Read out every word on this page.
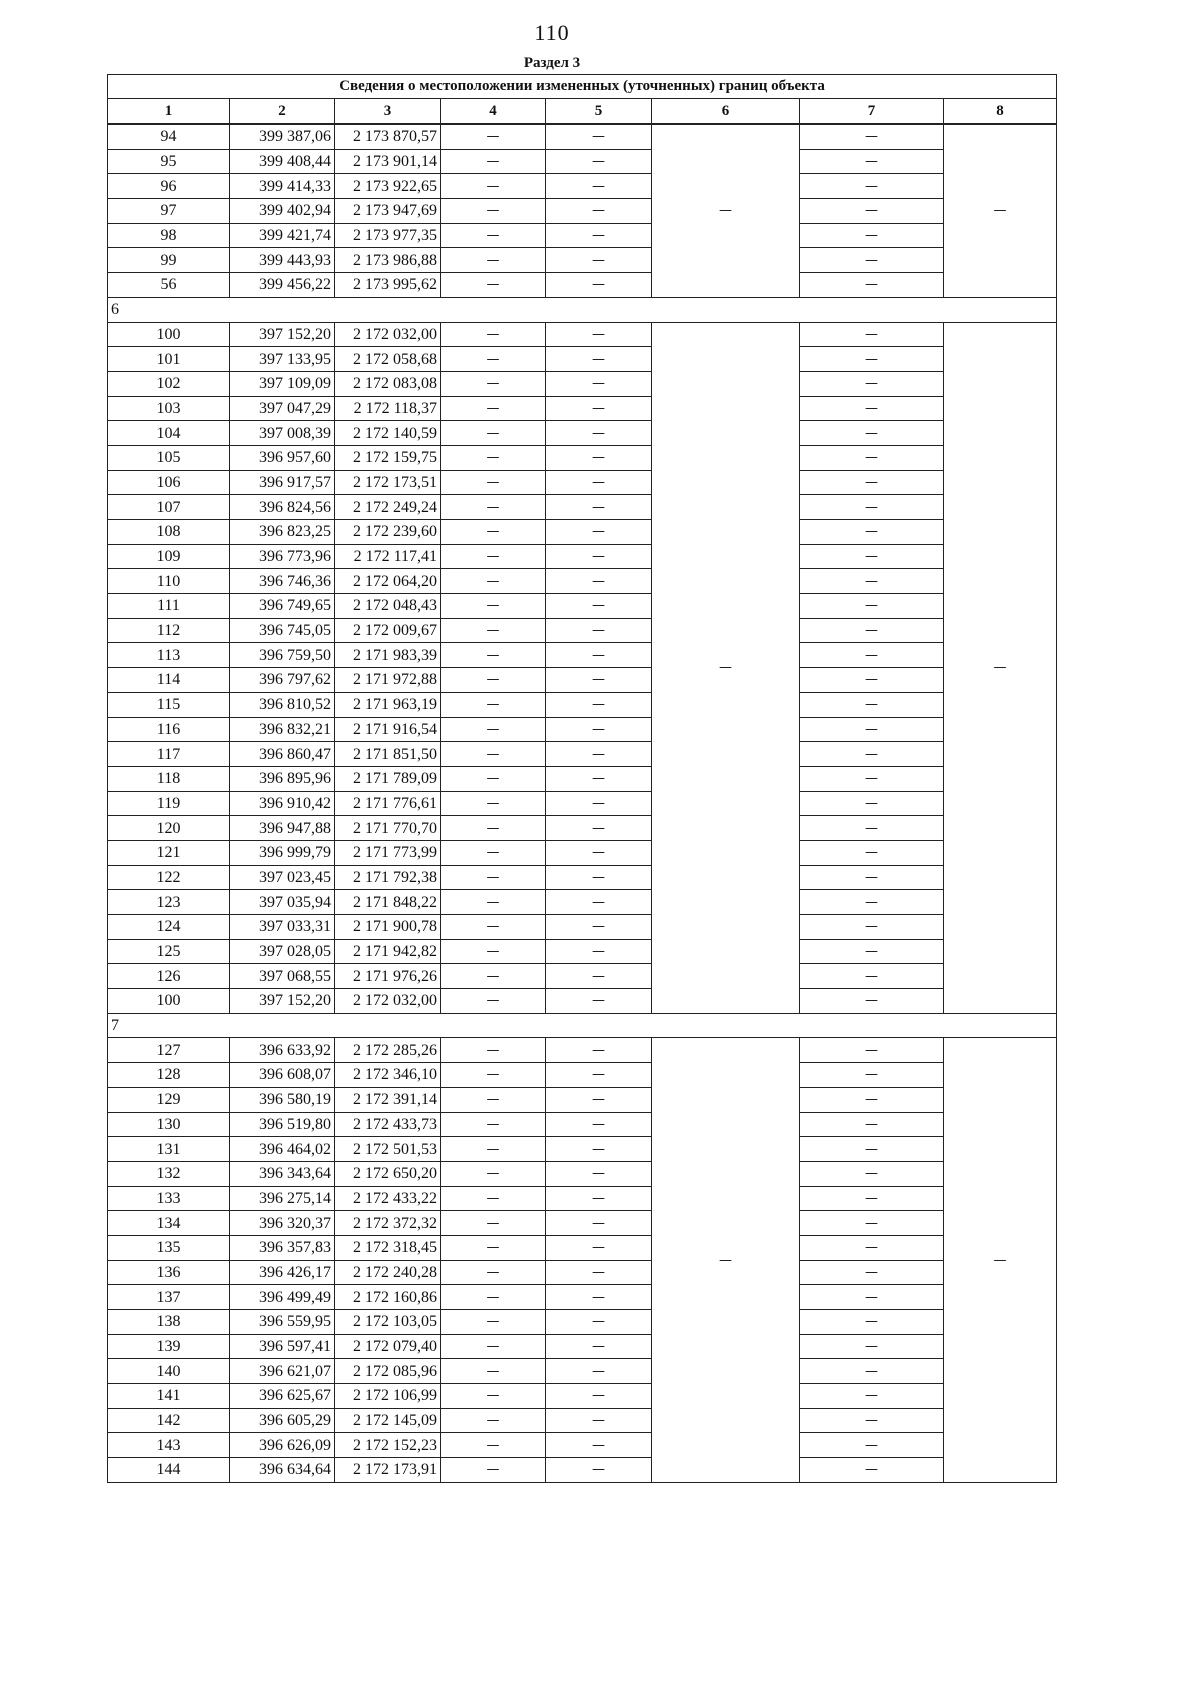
110
Раздел 3
Сведения о местоположении измененных (уточненных) границ объекта							
1	2	3	4	5	6	7	8
94	399 387,06	2 173 870,57	—	—	—	—	—
95	399 408,44	2 173 901,14	—	—		—	
96	399 414,33	2 173 922,65	—	—		—	
97	399 402,94	2 173 947,69	—	—		—	
98	399 421,74	2 173 977,35	—	—		—	
99	399 443,93	2 173 986,88	—	—		—	
56	399 456,22	2 173 995,62	—	—		—	
6							
100	397 152,20	2 172 032,00	—	—	—	—	—
101	397 133,95	2 172 058,68	—	—		—	
102	397 109,09	2 172 083,08	—	—		—	
103	397 047,29	2 172 118,37	—	—		—	
104	397 008,39	2 172 140,59	—	—		—	
105	396 957,60	2 172 159,75	—	—		—	
106	396 917,57	2 172 173,51	—	—		—	
107	396 824,56	2 172 249,24	—	—		—	
108	396 823,25	2 172 239,60	—	—		—	
109	396 773,96	2 172 117,41	—	—		—	
110	396 746,36	2 172 064,20	—	—		—	
111	396 749,65	2 172 048,43	—	—		—	
112	396 745,05	2 172 009,67	—	—		—	
113	396 759,50	2 171 983,39	—	—		—	
114	396 797,62	2 171 972,88	—	—		—	
115	396 810,52	2 171 963,19	—	—		—	
116	396 832,21	2 171 916,54	—	—		—	
117	396 860,47	2 171 851,50	—	—		—	
118	396 895,96	2 171 789,09	—	—		—	
119	396 910,42	2 171 776,61	—	—		—	
120	396 947,88	2 171 770,70	—	—		—	
121	396 999,79	2 171 773,99	—	—		—	
122	397 023,45	2 171 792,38	—	—		—	
123	397 035,94	2 171 848,22	—	—		—	
124	397 033,31	2 171 900,78	—	—		—	
125	397 028,05	2 171 942,82	—	—		—	
126	397 068,55	2 171 976,26	—	—		—	
100	397 152,20	2 172 032,00	—	—		—	
7							
127	396 633,92	2 172 285,26	—	—	—	—	—
128	396 608,07	2 172 346,10	—	—		—	
129	396 580,19	2 172 391,14	—	—		—	
130	396 519,80	2 172 433,73	—	—		—	
131	396 464,02	2 172 501,53	—	—		—	
132	396 343,64	2 172 650,20	—	—		—	
133	396 275,14	2 172 433,22	—	—		—	
134	396 320,37	2 172 372,32	—	—		—	
135	396 357,83	2 172 318,45	—	—		—	
136	396 426,17	2 172 240,28	—	—		—	
137	396 499,49	2 172 160,86	—	—		—	
138	396 559,95	2 172 103,05	—	—		—	
139	396 597,41	2 172 079,40	—	—		—	
140	396 621,07	2 172 085,96	—	—		—	
141	396 625,67	2 172 106,99	—	—		—	
142	396 605,29	2 172 145,09	—	—		—	
143	396 626,09	2 172 152,23	—	—		—	
144	396 634,64	2 172 173,91	—	—		—	
